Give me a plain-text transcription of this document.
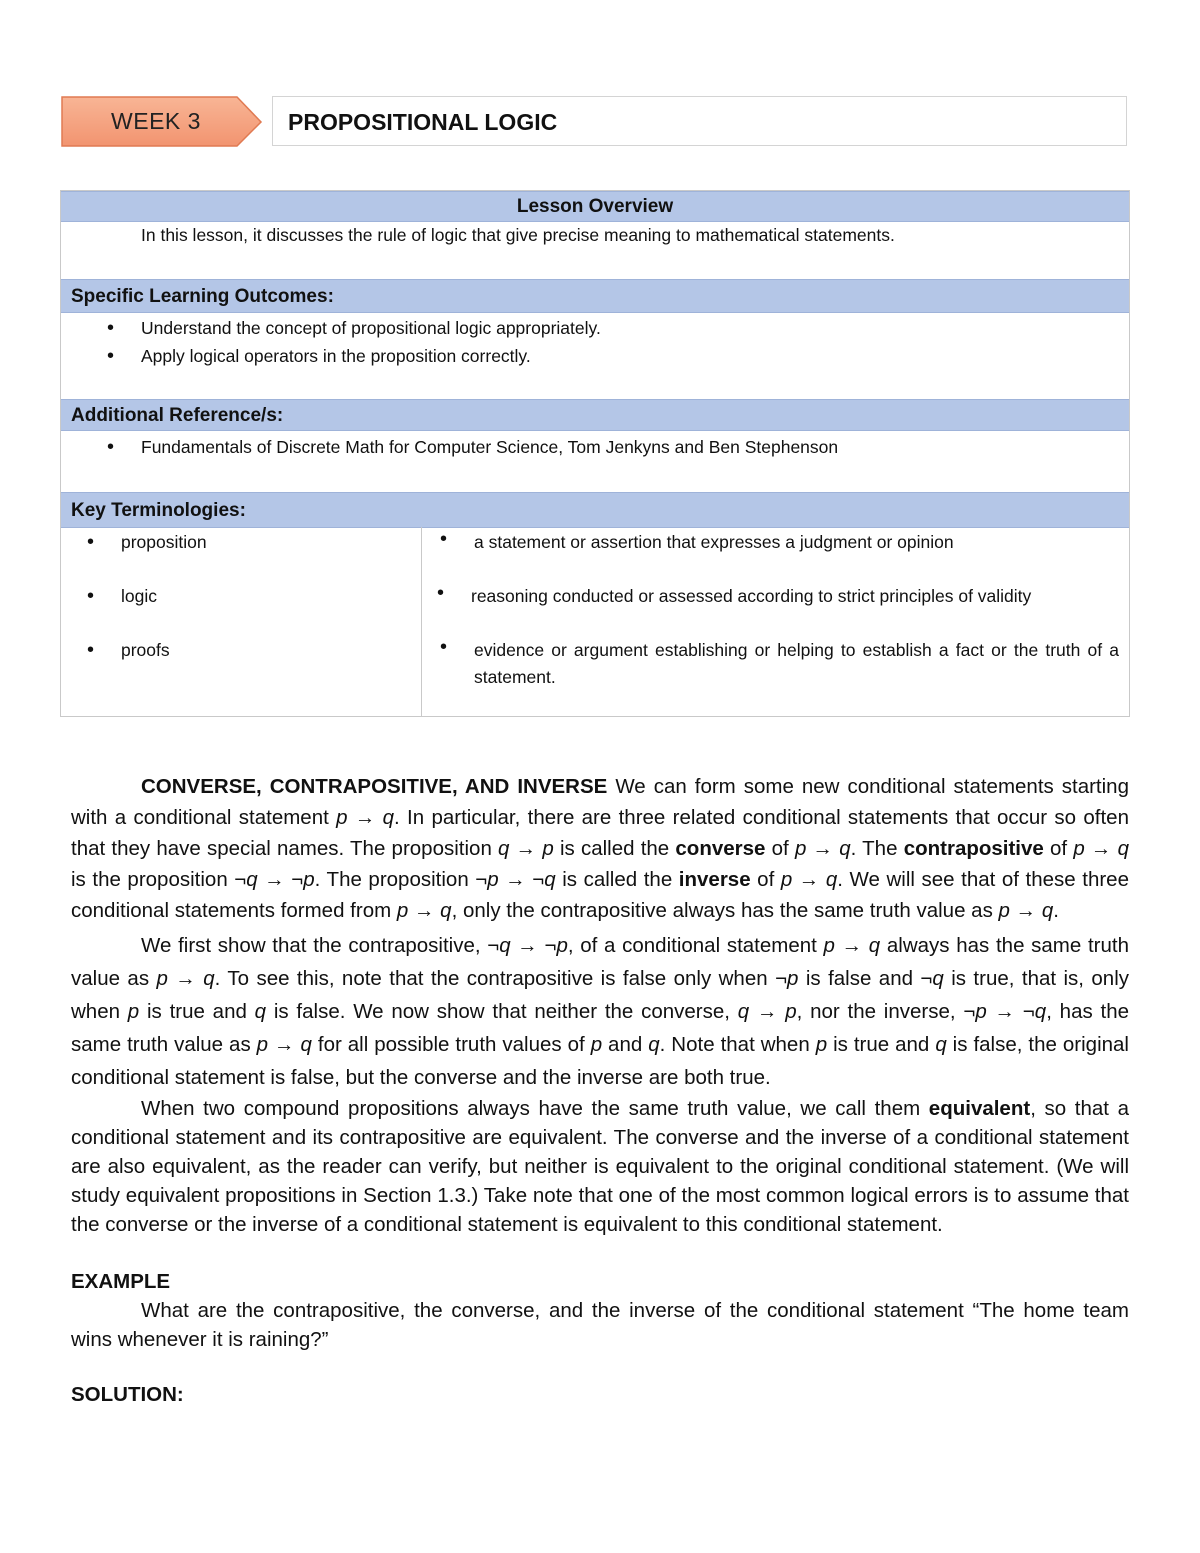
WEEK 3	PROPOSITIONAL LOGIC
Lesson Overview
In this lesson, it discusses the rule of logic that give precise meaning to mathematical statements.
Specific Learning Outcomes:
• Understand the concept of propositional logic appropriately.
• Apply logical operators in the proposition correctly.
Additional Reference/s:
• Fundamentals of Discrete Math for Computer Science, Tom Jenkyns and Ben Stephenson
Key Terminologies:
• proposition
• logic
• proofs
• a statement or assertion that expresses a judgment or opinion
• reasoning conducted or assessed according to strict principles of validity
• evidence or argument establishing or helping to establish a fact or the truth of a statement.

CONVERSE, CONTRAPOSITIVE, AND INVERSE We can form some new conditional statements starting with a conditional statement p → q. In particular, there are three related conditional statements that occur so often that they have special names. The proposition q → p is called the converse of p → q. The contrapositive of p → q is the proposition ¬q → ¬p. The proposition ¬p → ¬q is called the inverse of p → q. We will see that of these three conditional statements formed from p → q, only the contrapositive always has the same truth value as p → q.

We first show that the contrapositive, ¬q → ¬p, of a conditional statement p → q always has the same truth value as p → q. To see this, note that the contrapositive is false only when ¬p is false and ¬q is true, that is, only when p is true and q is false. We now show that neither the converse, q → p, nor the inverse, ¬p → ¬q, has the same truth value as p → q for all possible truth values of p and q. Note that when p is true and q is false, the original conditional statement is false, but the converse and the inverse are both true.

When two compound propositions always have the same truth value, we call them equivalent, so that a conditional statement and its contrapositive are equivalent. The converse and the inverse of a conditional statement are also equivalent, as the reader can verify, but neither is equivalent to the original conditional statement. (We will study equivalent propositions in Section 1.3.) Take note that one of the most common logical errors is to assume that the converse or the inverse of a conditional statement is equivalent to this conditional statement.

EXAMPLE

What are the contrapositive, the converse, and the inverse of the conditional statement “The home team wins whenever it is raining?”

SOLUTION:
